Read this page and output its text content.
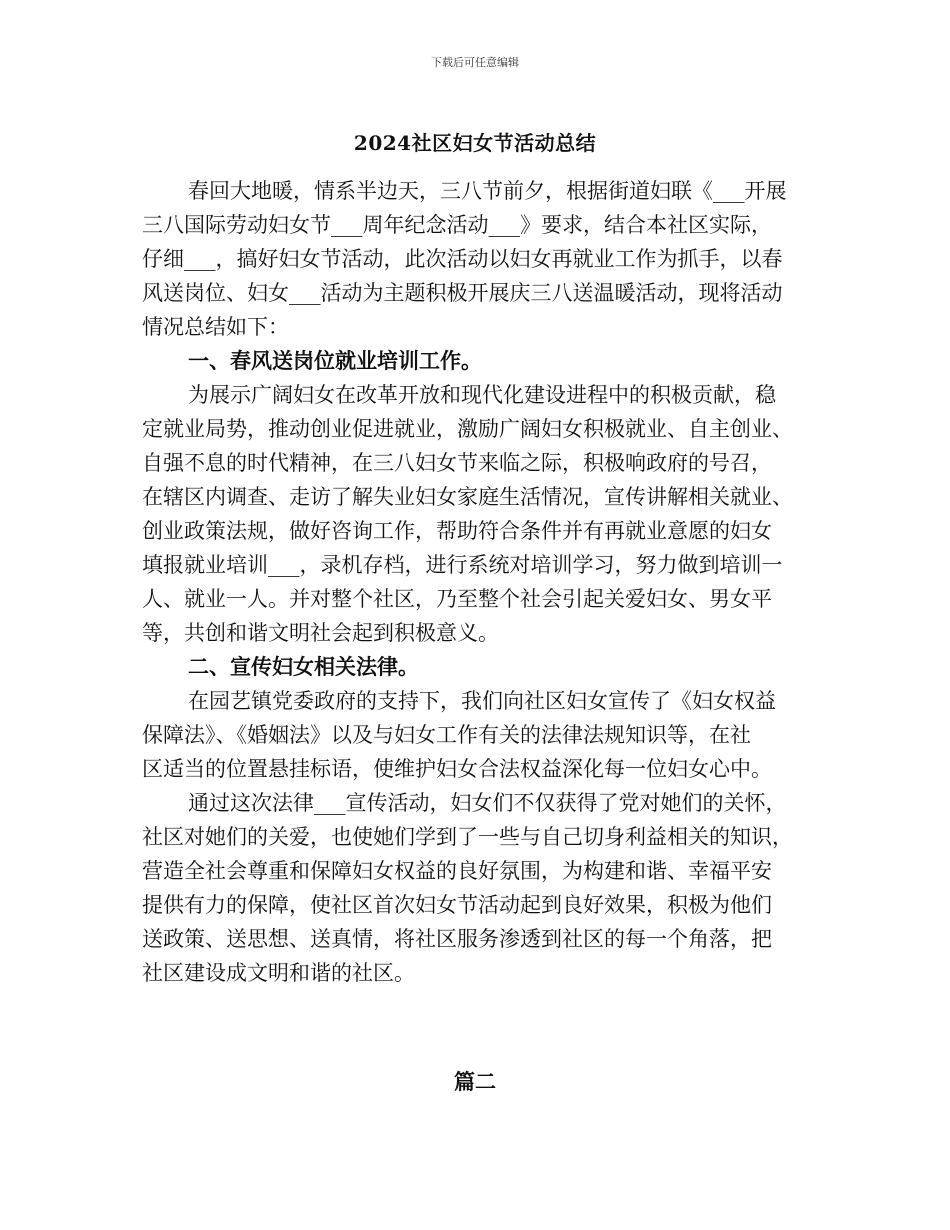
下载后可任意编辑
2024社区妇女节活动总结
春回大地暖，情系半边天，三八节前夕，根据街道妇联《___开展
三八国际劳动妇女节___周年纪念活动___》要求，结合本社区实际，
仔细___，搞好妇女节活动，此次活动以妇女再就业工作为抓手，以春
风送岗位、妇女___活动为主题积极开展庆三八送温暖活动，现将活动
情况总结如下：
一、春风送岗位就业培训工作。
为展示广阔妇女在改革开放和现代化建设进程中的积极贡献，稳
定就业局势，推动创业促进就业，激励广阔妇女积极就业、自主创业、
自强不息的时代精神，在三八妇女节来临之际，积极响政府的号召，
在辖区内调查、走访了解失业妇女家庭生活情况，宣传讲解相关就业、
创业政策法规，做好咨询工作，帮助符合条件并有再就业意愿的妇女
填报就业培训___，录机存档，进行系统对培训学习，努力做到培训一
人、就业一人。并对整个社区，乃至整个社会引起关爱妇女、男女平
等，共创和谐文明社会起到积极意义。
二、宣传妇女相关法律。
在园艺镇党委政府的支持下，我们向社区妇女宣传了《妇女权益
保障法》、《婚姻法》以及与妇女工作有关的法律法规知识等，在社
区适当的位置悬挂标语，使维护妇女合法权益深化每一位妇女心中。
通过这次法律___宣传活动，妇女们不仅获得了党对她们的关怀，
社区对她们的关爱，也使她们学到了一些与自己切身利益相关的知识，
营造全社会尊重和保障妇女权益的良好氛围，为构建和谐、幸福平安
提供有力的保障，使社区首次妇女节活动起到良好效果，积极为他们
送政策、送思想、送真情，将社区服务渗透到社区的每一个角落，把
社区建设成文明和谐的社区。
篇二
